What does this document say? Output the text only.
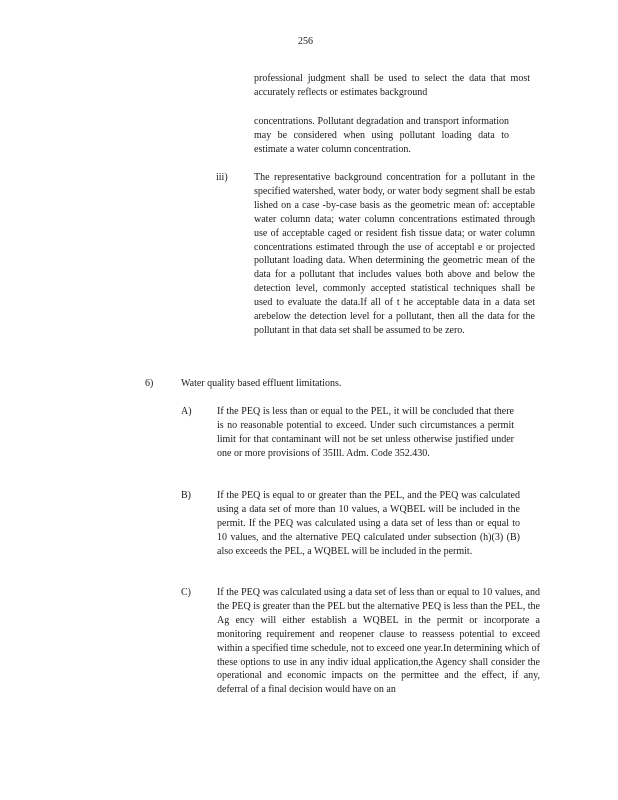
256
professional judgment shall be used to select the data that most accurately reflects or estimates background
concentrations. Pollutant degradation and transport information may be considered when using pollutant loading data to estimate a water column concentration.
iii)	The representative background concentration for a pollutant in the specified watershed, water body, or water body segment shall be estab lished on a case -by-case basis as the geometric mean of: acceptable water column data; water column concentrations estimated through use of acceptable caged or resident fish tissue data; or water column concentrations estimated through the use of acceptabl e or projected pollutant loading data. When determining the geometric mean of the data for a pollutant that includes values both above and below the detection level, commonly accepted statistical techniques shall be used to evaluate the data.If all of t he acceptable data in a data set arebelow the detection level for a pollutant, then all the data for the pollutant in that data set shall be assumed to be zero.
6)	Water quality based effluent limitations.
A)	If the PEQ is less than or equal to the PEL, it will be concluded that there is no reasonable potential to exceed. Under such circumstances a permit limit for that contaminant will not be set unless otherwise justified under one or more provisions of 35Ill. Adm. Code 352.430.
B)	If the PEQ is equal to or greater than the PEL, and the PEQ was calculated using a data set of more than 10 values, a WQBEL will be included in the permit. If the PEQ was calculated using a data set of less than or equal to 10 values, and the alternative PEQ calculated under subsection (h)(3) (B) also exceeds the PEL, a WQBEL will be included in the permit.
C)	If the PEQ was calculated using a data set of less than or equal to 10 values, and the PEQ is greater than the PEL but the alternative PEQ is less than the PEL, the Ag ency will either establish a WQBEL in the permit or incorporate a monitoring requirement and reopener clause to reassess potential to exceed within a specified time schedule, not to exceed one year.In determining which of these options to use in any indiv idual application,the Agency shall consider the operational and economic impacts on the permittee and the effect, if any, deferral of a final decision would have on an
